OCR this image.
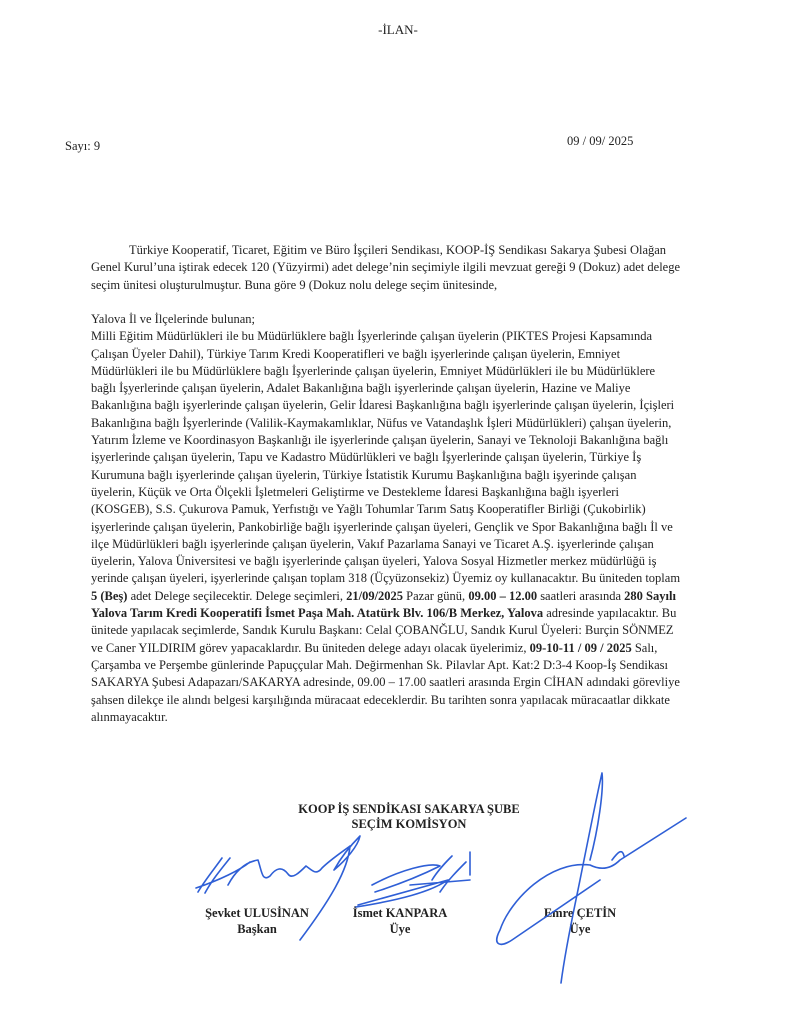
-İLAN-
Sayı: 9	09 / 09/ 2025
Türkiye Kooperatif, Ticaret, Eğitim ve Büro İşçileri Sendikası, KOOP-İŞ Sendikası Sakarya Şubesi Olağan Genel Kurul’una iştirak edecek 120 (Yüzyirmi) adet delege’nin seçimiyle ilgili mevzuat gereği 9 (Dokuz) adet delege seçim ünitesi oluşturulmuştur. Buna göre 9 (Dokuz nolu delege seçim ünitesinde,
Yalova İl ve İlçelerinde bulunan;
Milli Eğitim Müdürlükleri ile bu Müdürlüklere bağlı İşyerlerinde çalışan üyelerin (PIKTES Projesi Kapsamında Çalışan Üyeler Dahil), Türkiye Tarım Kredi Kooperatifleri ve bağlı işyerlerinde çalışan üyelerin, Emniyet Müdürlükleri ile bu Müdürlüklere bağlı İşyerlerinde çalışan üyelerin, Emniyet Müdürlükleri ile bu Müdürlüklere bağlı İşyerlerinde çalışan üyelerin, Adalet Bakanlığına bağlı işyerlerinde çalışan üyelerin, Hazine ve Maliye Bakanlığına bağlı işyerlerinde çalışan üyelerin, Gelir İdaresi Başkanlığına bağlı işyerlerinde çalışan üyelerin, İçişleri Bakanlığına bağlı İşyerlerinde (Valilik-Kaymakamlıklar, Nüfus ve Vatandaşlık İşleri Müdürlükleri) çalışan üyelerin, Yatırım İzleme ve Koordinasyon Başkanlığı ile işyerlerinde çalışan üyelerin, Sanayi ve Teknoloji Bakanlığına bağlı işyerlerinde çalışan üyelerin, Tapu ve Kadastro Müdürlükleri ve bağlı İşyerlerinde çalışan üyelerin, Türkiye İş Kurumuna bağlı işyerlerinde çalışan üyelerin, Türkiye İstatistik Kurumu Başkanlığına bağlı işyerinde çalışan üyelerin, Küçük ve Orta Ölçekli İşletmeleri Geliştirme ve Destekleme İdaresi Başkanlığına bağlı işyerleri (KOSGEB), S.S. Çukurova Pamuk, Yerfıstığı ve Yağlı Tohumlar Tarım Satış Kooperatifler Birliği (Çukobirlik) işyerlerinde çalışan üyelerin, Pankobirliğe bağlı işyerlerinde çalışan üyeleri, Gençlik ve Spor Bakanlığına bağlı İl ve ilçe Müdürlükleri bağlı işyerlerinde çalışan üyelerin, Vakıf Pazarlama Sanayi ve Ticaret A.Ş. işyerlerinde çalışan üyelerin, Yalova Üniversitesi ve bağlı işyerlerinde çalışan üyeleri, Yalova Sosyal Hizmetler merkez müdürlüğü iş yerinde çalışan üyeleri, işyerlerinde çalışan toplam 318 (Üçyüzonsekiz) Üyemiz oy kullanacaktır. Bu üniteden toplam 5 (Beş) adet Delege seçilecektir. Delege seçimleri, 21/09/2025 Pazar günü, 09.00 – 12.00 saatleri arasında 280 Sayılı Yalova Tarım Kredi Kooperatifi İsmet Paşa Mah. Atatürk Blv. 106/B Merkez, Yalova adresinde yapılacaktır. Bu ünitede yapılacak seçimlerde, Sandık Kurulu Başkanı: Celal ÇOBANĞLU, Sandık Kurul Üyeleri: Burçin SÖNMEZ ve Caner YILDIRIM görev yapacaklardır. Bu üniteden delege adayı olacak üyelerimiz, 09-10-11 / 09 / 2025 Salı, Çarşamba ve Perşembe günlerinde Papuççular Mah. Değirmenhan Sk. Pilavlar Apt. Kat:2 D:3-4 Koop-İş Sendikası SAKARYA Şubesi Adapazarı/SAKARYA adresinde, 09.00 – 17.00 saatleri arasında Ergin CİHAN adındaki görevliye şahsen dilekçe ile alındı belgesi karşılığında müracaat edeceklerdir. Bu tarihten sonra yapılacak müracaatlar dikkate alınmayacaktır.
KOOP İŞ SENDİKASI SAKARYA ŞUBE
SEÇİM KOMİSYON
Şevket ULUSİNAN
Başkan
İsmet KANPARA
Üye
Emre ÇETİN
Üye
